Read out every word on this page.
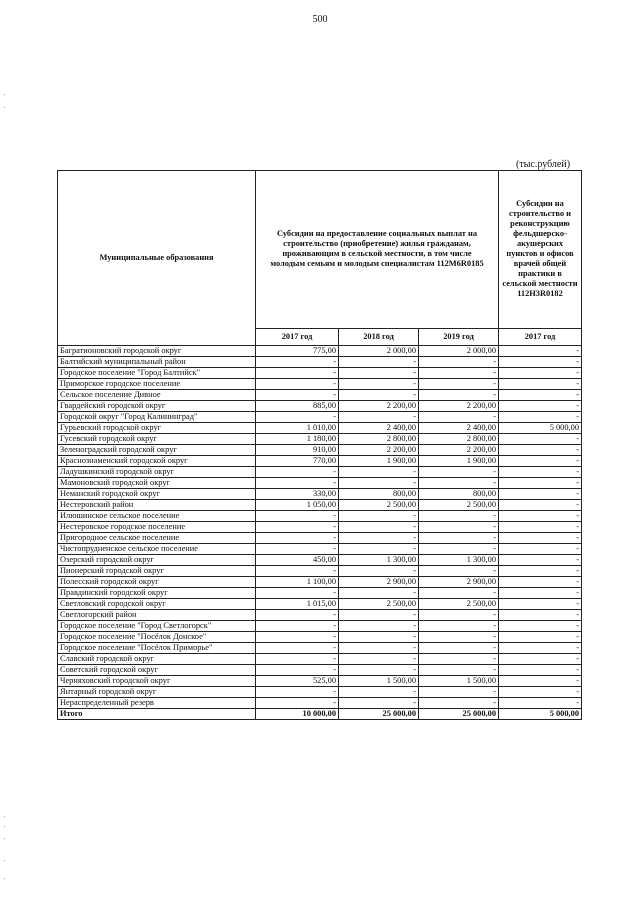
500
(тыс.рублей)
Муниципальные образования	Субсидии на предоставление социальных выплат на строительство (приобретение) жилья гражданам, проживающим в сельской местности, в том числе молодым семьям и молодым специалистам 112M6R0185			Субсидии на строительство и реконструкцию фельдшерско-акушерских пунктов и офисов врачей общей практики в сельской местности 112H3R0182
	2017 год	2018 год	2019 год	2017 год
Багратионовский городской округ	775,00	2 000,00	2 000,00	-
Балтийский муниципальный район	-	-	-	-
Городское поселение "Город Балтийск"	-	-	-	-
Приморское городское поселение	-	-	-	-
Сельское поселение Дивное	-	-	-	-
Гвардейский городской округ	885,00	2 200,00	2 200,00	-
Городской округ "Город Калининград"	-	-	-	-
Гурьевский городской округ	1 010,00	2 400,00	2 400,00	5 000,00
Гусевский городской округ	1 180,00	2 800,00	2 800,00	-
Зеленоградский городской округ	910,00	2 200,00	2 200,00	-
Краснознаменский городской округ	770,00	1 900,00	1 900,00	-
Ладушкинский городской округ	-	-	-	-
Мамоновский городской округ	-	-	-	-
Неманский городской округ	330,00	800,00	800,00	-
Нестеровский район	1 050,00	2 500,00	2 500,00	-
Илюшинское сельское поселение	-	-	-	-
Нестеровское городское поселение	-	-	-	-
Пригородное сельское поселение	-	-	-	-
Чистопрудненское сельское поселение	-	-	-	-
Озерский городской округ	450,00	1 300,00	1 300,00	-
Пионерский городской округ	-	-	-	-
Полесский городской округ	1 100,00	2 900,00	2 900,00	-
Правдинский городской округ	-	-	-	-
Светловский городской округ	1 015,00	2 500,00	2 500,00	-
Светлогорский район	-	-	-	-
Городское поселение "Город Светлогорск"	-	-	-	-
Городское поселение "Посёлок Донское"	-	-	-	-
Городское поселение "Посёлок Приморье"	-	-	-	-
Славский городской округ	-	-	-	-
Советский городской округ	-	-	-	-
Черняховский городской округ	525,00	1 500,00	1 500,00	-
Янтарный городской округ	-	-	-	-
Нераспределенный резерв	-	-	-	-
Итого	10 000,00	25 000,00	25 000,00	5 000,00
